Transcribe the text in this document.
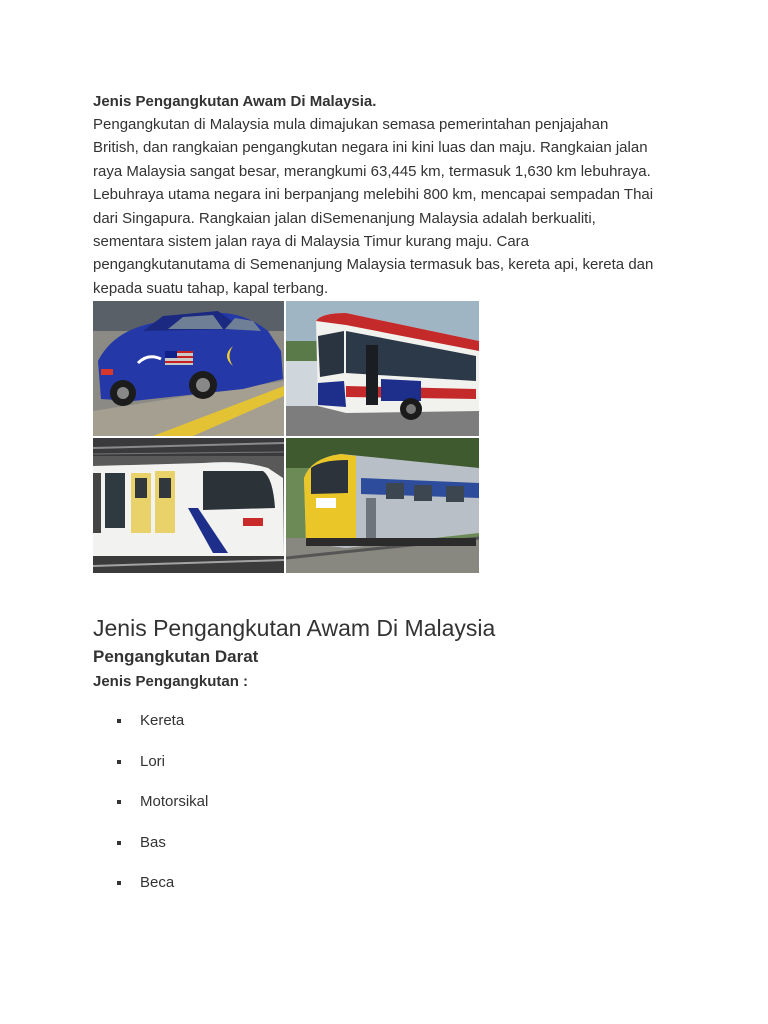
Jenis Pengangkutan Awam Di Malaysia.

Pengangkutan di Malaysia mula dimajukan semasa pemerintahan penjajahan
British, dan rangkaian pengangkutan negara ini kini luas dan maju. Rangkaian jalan
raya Malaysia sangat besar, merangkumi 63,445 km, termasuk 1,630 km lebuhraya.
Lebuhraya utama negara ini berpanjang melebihi 800 km, mencapai sempadan Thai
dari Singapura. Rangkaian jalan diSemenanjung Malaysia adalah berkualiti,
sementara sistem jalan raya di Malaysia Timur kurang maju. Cara
pengangkutanutama di Semenanjung Malaysia termasuk bas, kereta api, kereta dan
kepada suatu tahap, kapal terbang.

Jenis Pengangkutan Awam Di Malaysia
Pengangkutan Darat
Jenis Pengangkutan :
Kereta
Lori
Motorsikal
Bas
Beca
